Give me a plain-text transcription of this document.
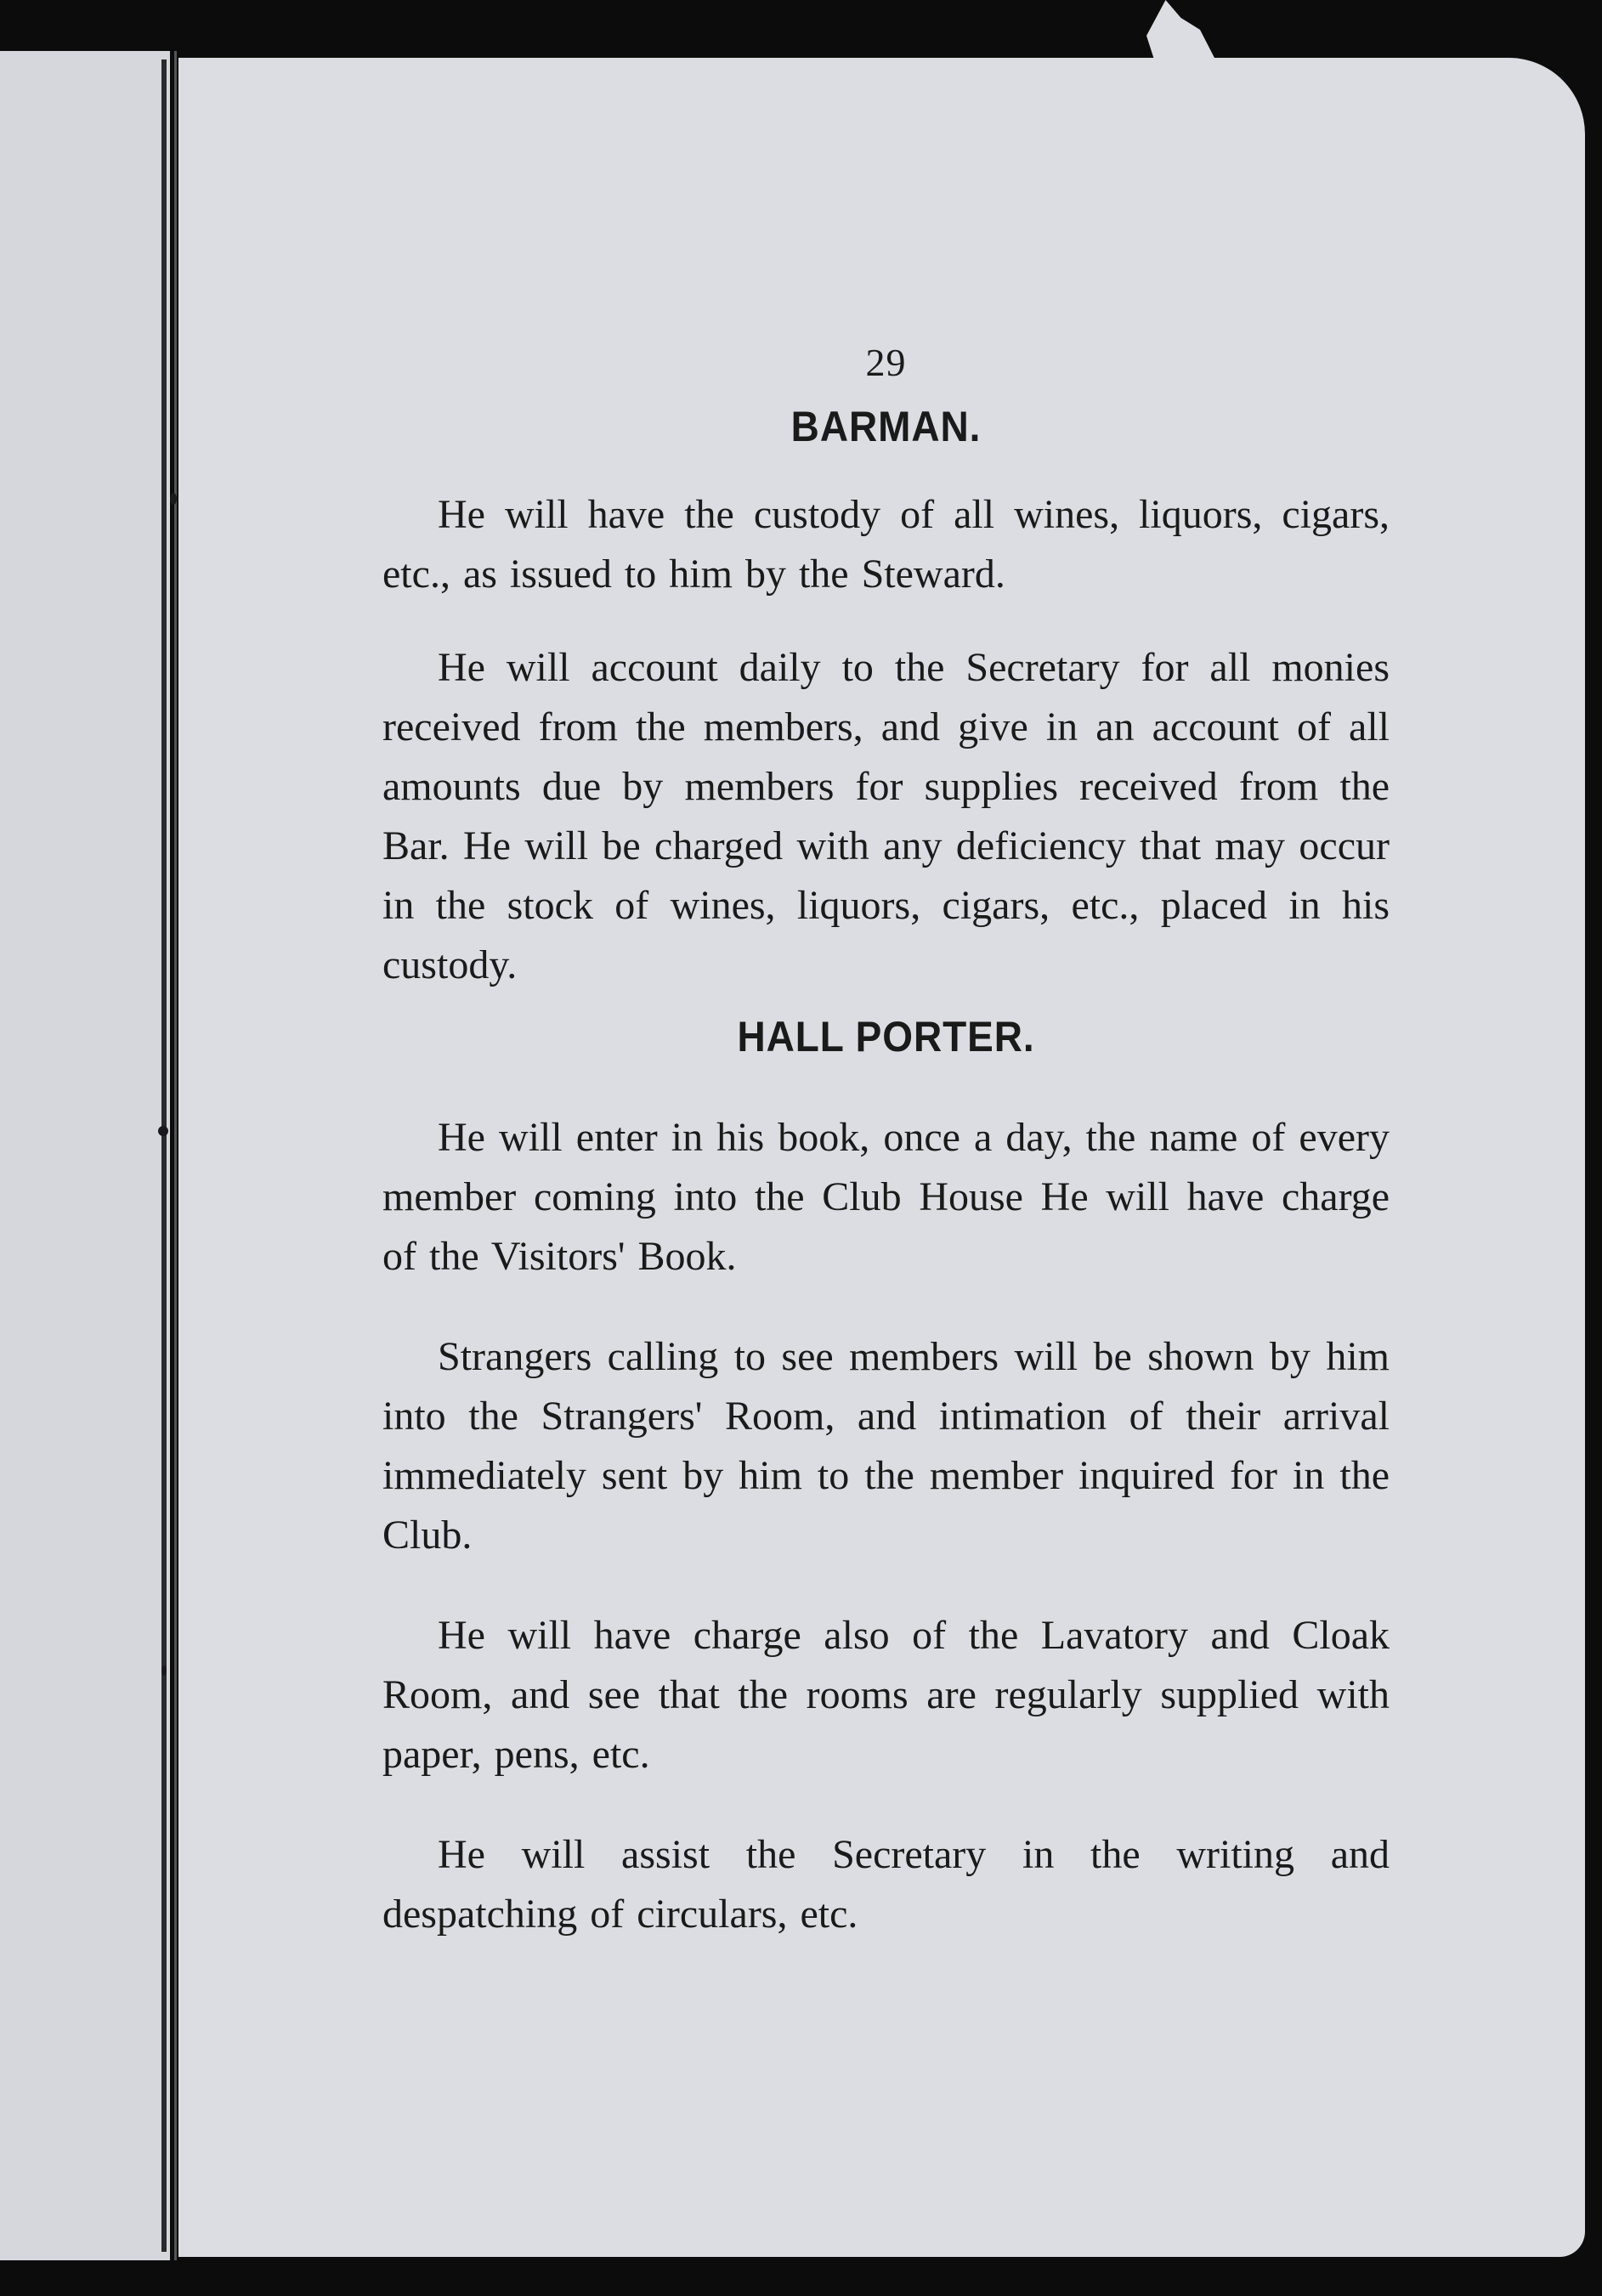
29
BARMAN.

He will have the custody of all wines, liquors, cigars, etc., as issued to him by the Steward.

He will account daily to the Secretary for all monies received from the members, and give in an account of all amounts due by members for supplies received from the Bar. He will be charged with any deficiency that may occur in the stock of wines, liquors, cigars, etc., placed in his custody.

HALL PORTER.

He will enter in his book, once a day, the name of every member coming into the Club House He will have charge of the Visitors' Book.

Strangers calling to see members will be shown by him into the Strangers' Room, and intimation of their arrival immediately sent by him to the member inquired for in the Club.

He will have charge also of the Lavatory and Cloak Room, and see that the rooms are regularly supplied with paper, pens, etc.

He will assist the Secretary in the writing and despatching of circulars, etc.
